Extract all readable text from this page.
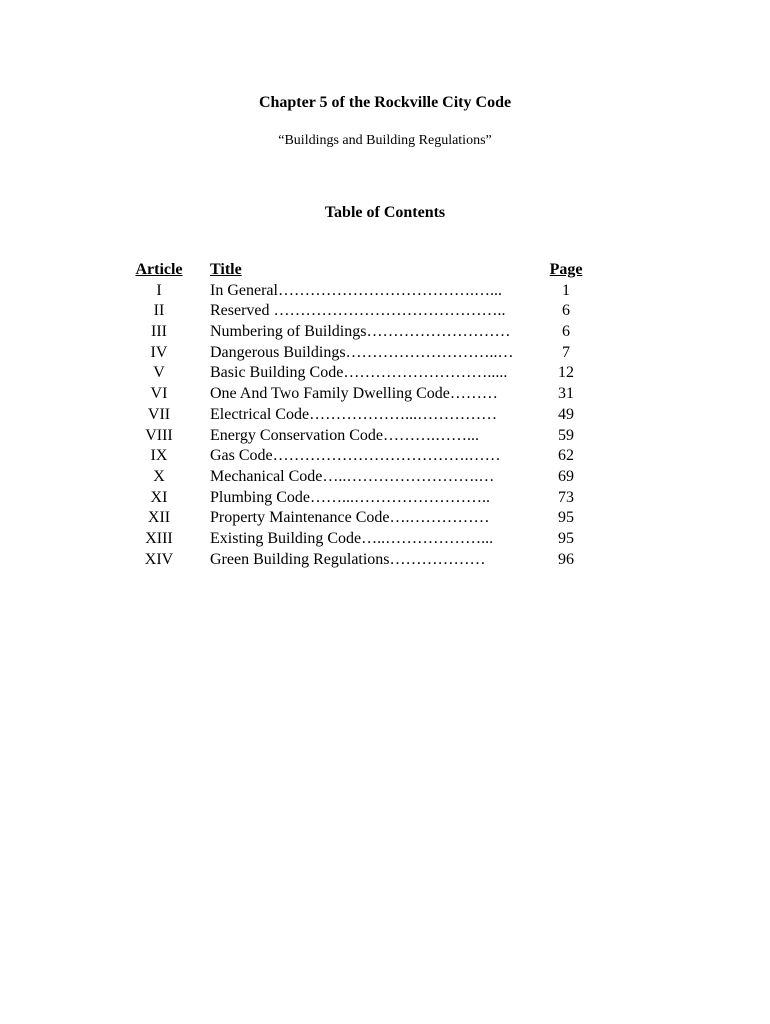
Chapter 5 of the Rockville City Code
“Buildings and Building Regulations”
Table of Contents
Article	Title	Page
I	In General……………………………….…...	1
II	Reserved ……………………………………..	6
III	Numbering of Buildings………………………	6
IV	Dangerous Buildings………………………..…	7
V	Basic Building Code……………………….....	12
VI	One And Two Family Dwelling Code………	31
VII	Electrical Code………………...……………	49
VIII	Energy Conservation Code……….……...	59
IX	Gas Code……………………………….……	62
X	Mechanical Code…..…………………….…	69
XI	Plumbing Code……...……………………..	73
XII	Property Maintenance Code….……………	95
XIII	Existing Building Code…..………………...	95
XIV	Green Building Regulations………………	96
